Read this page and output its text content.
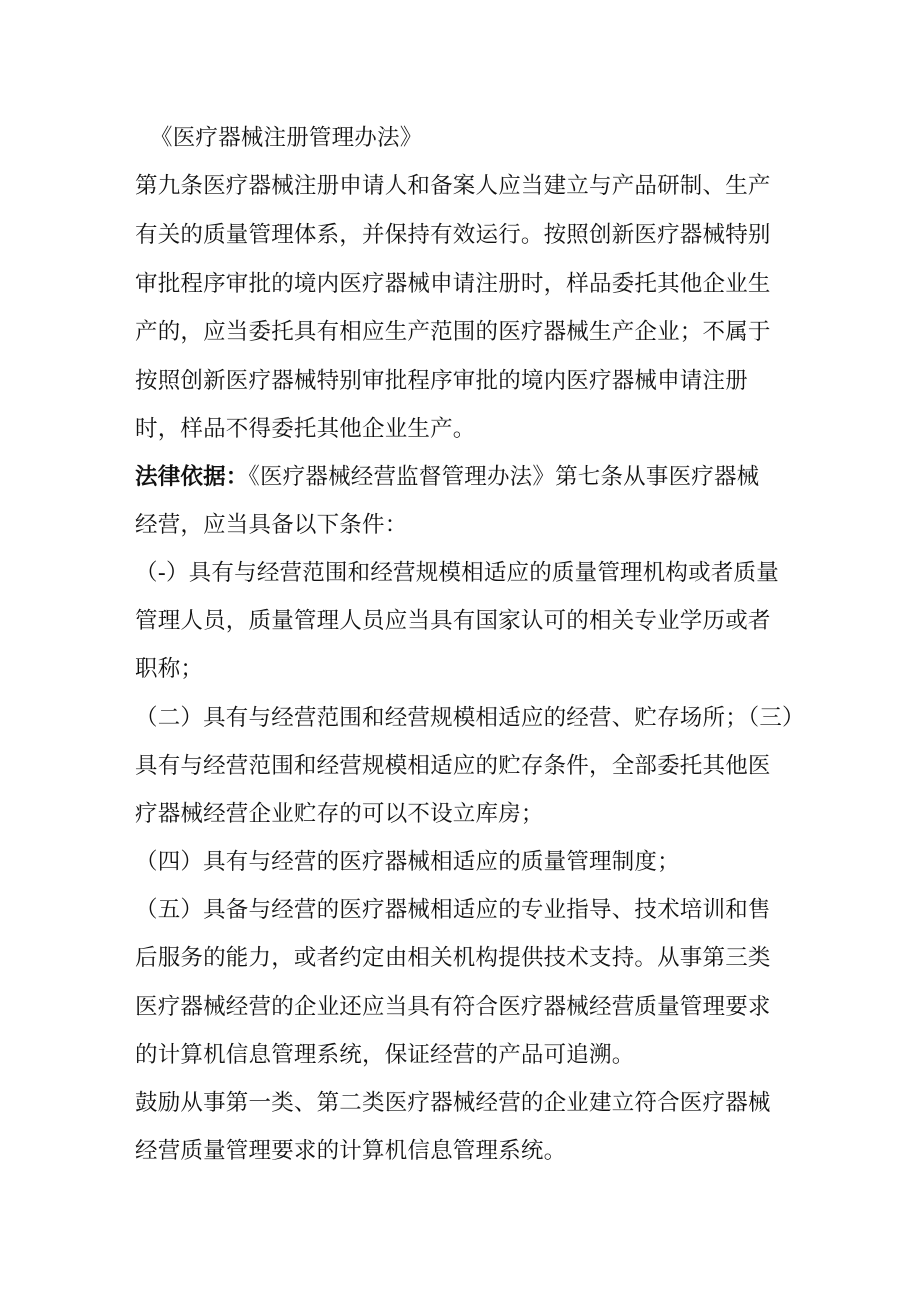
《医疗器械注册管理办法》
第九条医疗器械注册申请人和备案人应当建立与产品研制、生产
有关的质量管理体系，并保持有效运行。按照创新医疗器械特别
审批程序审批的境内医疗器械申请注册时，样品委托其他企业生
产的，应当委托具有相应生产范围的医疗器械生产企业；不属于
按照创新医疗器械特别审批程序审批的境内医疗器械申请注册
时，样品不得委托其他企业生产。
法律依据：《医疗器械经营监督管理办法》第七条从事医疗器械
经营，应当具备以下条件：
（-）具有与经营范围和经营规模相适应的质量管理机构或者质量
管理人员，质量管理人员应当具有国家认可的相关专业学历或者
职称；
（二）具有与经营范围和经营规模相适应的经营、贮存场所；（三）
具有与经营范围和经营规模相适应的贮存条件，全部委托其他医
疗器械经营企业贮存的可以不设立库房；
（四）具有与经营的医疗器械相适应的质量管理制度；
（五）具备与经营的医疗器械相适应的专业指导、技术培训和售
后服务的能力，或者约定由相关机构提供技术支持。从事第三类
医疗器械经营的企业还应当具有符合医疗器械经营质量管理要求
的计算机信息管理系统，保证经营的产品可追溯。
鼓励从事第一类、第二类医疗器械经营的企业建立符合医疗器械
经营质量管理要求的计算机信息管理系统。
